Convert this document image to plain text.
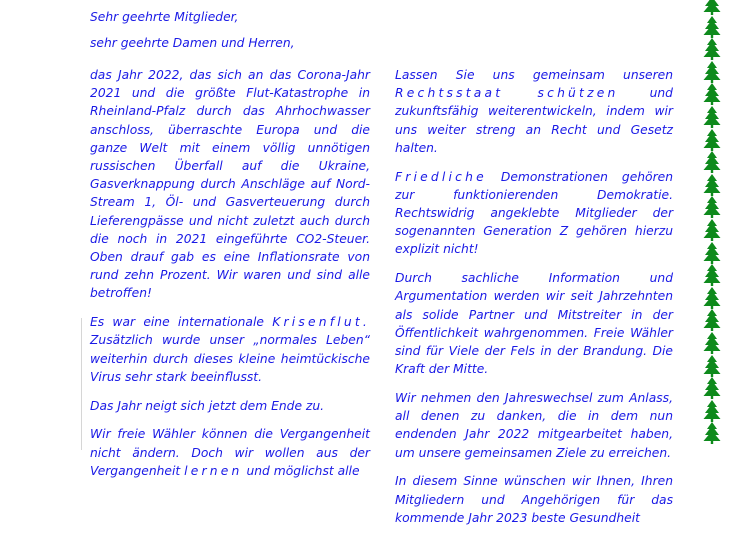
Sehr geehrte Mitglieder,

sehr geehrte Damen und Herren,

das Jahr 2022, das sich an das Corona-Jahr 2021 und die größte Flut-Katastrophe in Rheinland-Pfalz durch das Ahrhochwasser anschloss, überraschte Europa und die ganze Welt mit einem völlig unnötigen russischen Überfall auf die Ukraine, Gasverknappung durch Anschläge auf Nord-Stream 1, Öl- und Gasverteuerung durch Lieferengpässe und nicht zuletzt auch durch die noch in 2021 eingeführte CO2-Steuer. Oben drauf gab es eine Inflationsrate von rund zehn Prozent. Wir waren und sind alle betroffen!

Es war eine internationale Krisenflut. Zusätzlich wurde unser „normales Leben“ weiterhin durch dieses kleine heimtückische Virus sehr stark beeinflusst.

Das Jahr neigt sich jetzt dem Ende zu.

Wir freie Wähler können die Vergangenheit nicht ändern. Doch wir wollen aus der Vergangenheit lernen und möglichst alle

Lassen Sie uns gemeinsam unseren Rechtsstaat schützen	und zukunftsfähig weiterentwickeln, indem wir uns weiter streng an Recht und Gesetz halten.

Friedliche Demonstrationen gehören zur funktionierenden Demokratie. Rechtswidrig angeklebte Mitglieder der sogenannten Generation Z gehören hierzu explizit nicht!

Durch sachliche Information und Argumentation werden wir seit Jahrzehnten als solide Partner und Mitstreiter in der Öffentlichkeit wahrgenommen. Freie Wähler sind für Viele der Fels in der Brandung. Die Kraft der Mitte.

Wir nehmen den Jahreswechsel zum Anlass, all denen zu danken, die in dem nun endenden Jahr 2022 mitgearbeitet haben, um unsere gemeinsamen Ziele zu erreichen.

In diesem Sinne wünschen wir Ihnen, Ihren Mitgliedern und Angehörigen für das kommende Jahr 2023 beste Gesundheit
